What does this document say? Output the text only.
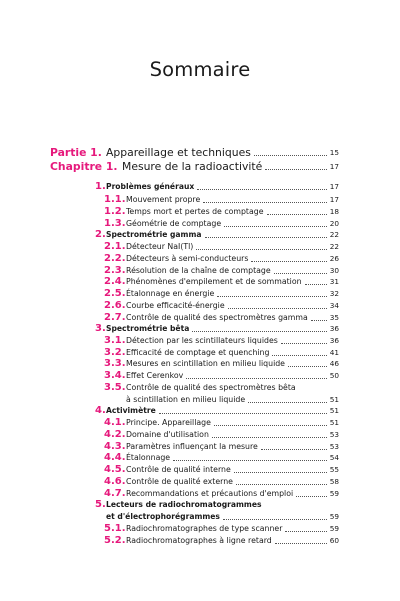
Sommaire
Partie 1. Appareillage et techniques	15
Chapitre 1. Mesure de la radioactivité	17
1. Problèmes généraux	17
1.1. Mouvement propre	17
1.2. Temps mort et pertes de comptage	18
1.3. Géométrie de comptage	20
2. Spectrométrie gamma	22
2.1. Détecteur NaI(Tl)	22
2.2. Détecteurs à semi-conducteurs	26
2.3. Résolution de la chaîne de comptage	30
2.4. Phénomènes d'empilement et de sommation	31
2.5. Étalonnage en énergie	32
2.6. Courbe efficacité-énergie	34
2.7. Contrôle de qualité des spectromètres gamma	35
3. Spectrométrie bêta	36
3.1. Détection par les scintillateurs liquides	36
3.2. Efficacité de comptage et quenching	41
3.3. Mesures en scintillation en milieu liquide	46
3.4. Effet Cerenkov	50
3.5. Contrôle de qualité des spectromètres bêta
à scintillation en milieu liquide	51
4. Activimètre	51
4.1. Principe. Appareillage	51
4.2. Domaine d'utilisation	53
4.3. Paramètres influençant la mesure	53
4.4. Étalonnage	54
4.5. Contrôle de qualité interne	55
4.6. Contrôle de qualité externe	58
4.7. Recommandations et précautions d'emploi	59
5. Lecteurs de radiochromatogrammes
et d'électrophorégrammes	59
5.1. Radiochromatographes de type scanner	59
5.2. Radiochromatographes à ligne retard	60
